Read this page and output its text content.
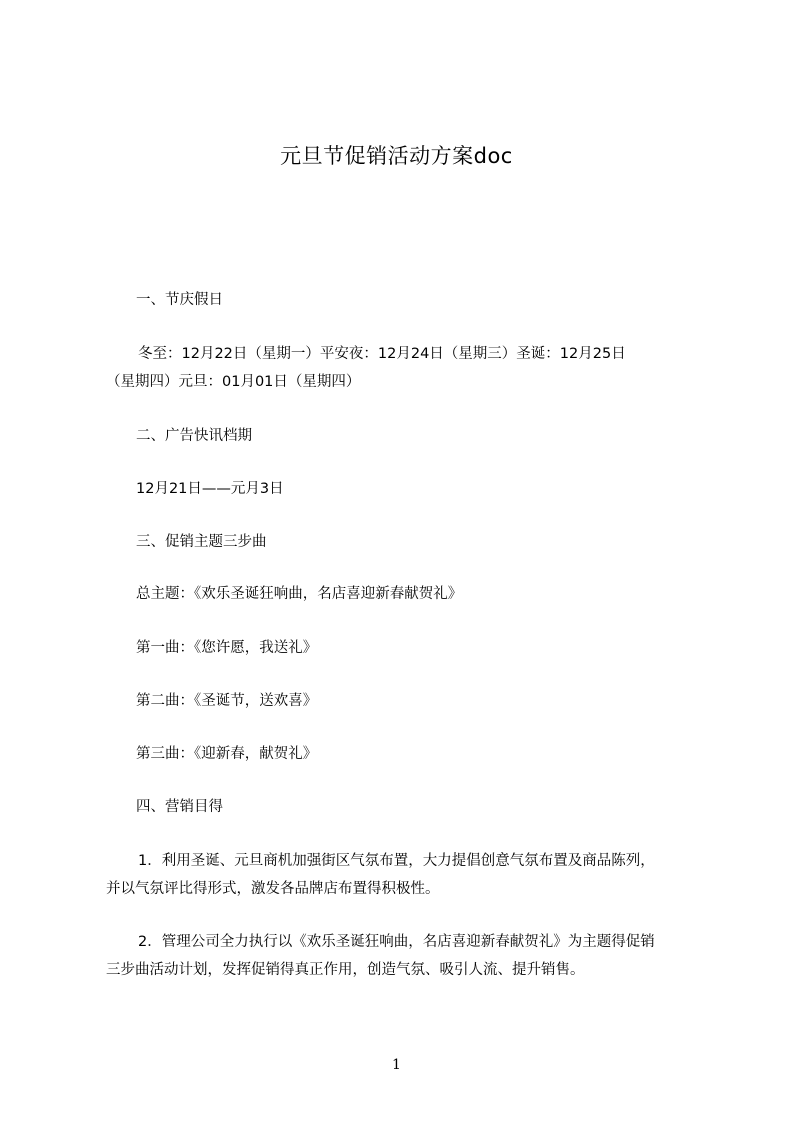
元旦节促销活动方案doc
一、节庆假日
冬至：12月22日（星期一）平安夜：12月24日（星期三）圣诞：12月25日
（星期四）元旦：01月01日（星期四）
二、广告快讯档期
12月21日——元月3日
三、促销主题三步曲
总主题：《欢乐圣诞狂响曲，名店喜迎新春献贺礼》
第一曲：《您许愿，我送礼》
第二曲：《圣诞节，送欢喜》
第三曲：《迎新春，献贺礼》
四、营销目得
1．利用圣诞、元旦商机加强街区气氛布置，大力提倡创意气氛布置及商品陈列，
并以气氛评比得形式，激发各品牌店布置得积极性。
2．管理公司全力执行以《欢乐圣诞狂响曲，名店喜迎新春献贺礼》为主题得促销
三步曲活动计划，发挥促销得真正作用，创造气氛、吸引人流、提升销售。
1
